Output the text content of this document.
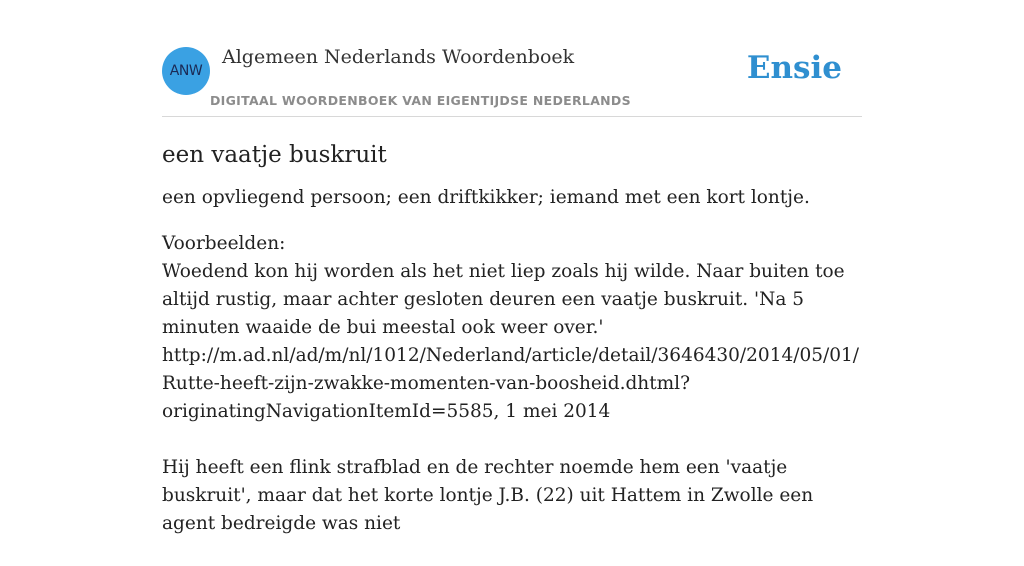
ANW
Algemeen Nederlands Woordenboek
DIGITAAL WOORDENBOEK VAN EIGENTIJDSE NEDERLANDS
Ensie
een vaatje buskruit

een opvliegend persoon; een driftkikker; iemand met een kort lontje.

Voorbeelden:

Woedend kon hij worden als het niet liep zoals hij wilde. Naar buiten toe altijd rustig, maar achter gesloten deuren een vaatje buskruit. 'Na 5 minuten waaide de bui meestal ook weer over.' http://m.ad.nl/ad/m/nl/1012/Nederland/article/detail/3646430/2014/05/01/Rutte-heeft-zijn-zwakke-momenten-van-boosheid.dhtml?originatingNavigationItemId=5585, 1 mei 2014

Hij heeft een flink strafblad en de rechter noemde hem een 'vaatje buskruit', maar dat het korte lontje J.B. (22) uit Hattem in Zwolle een agent bedreigde was niet
